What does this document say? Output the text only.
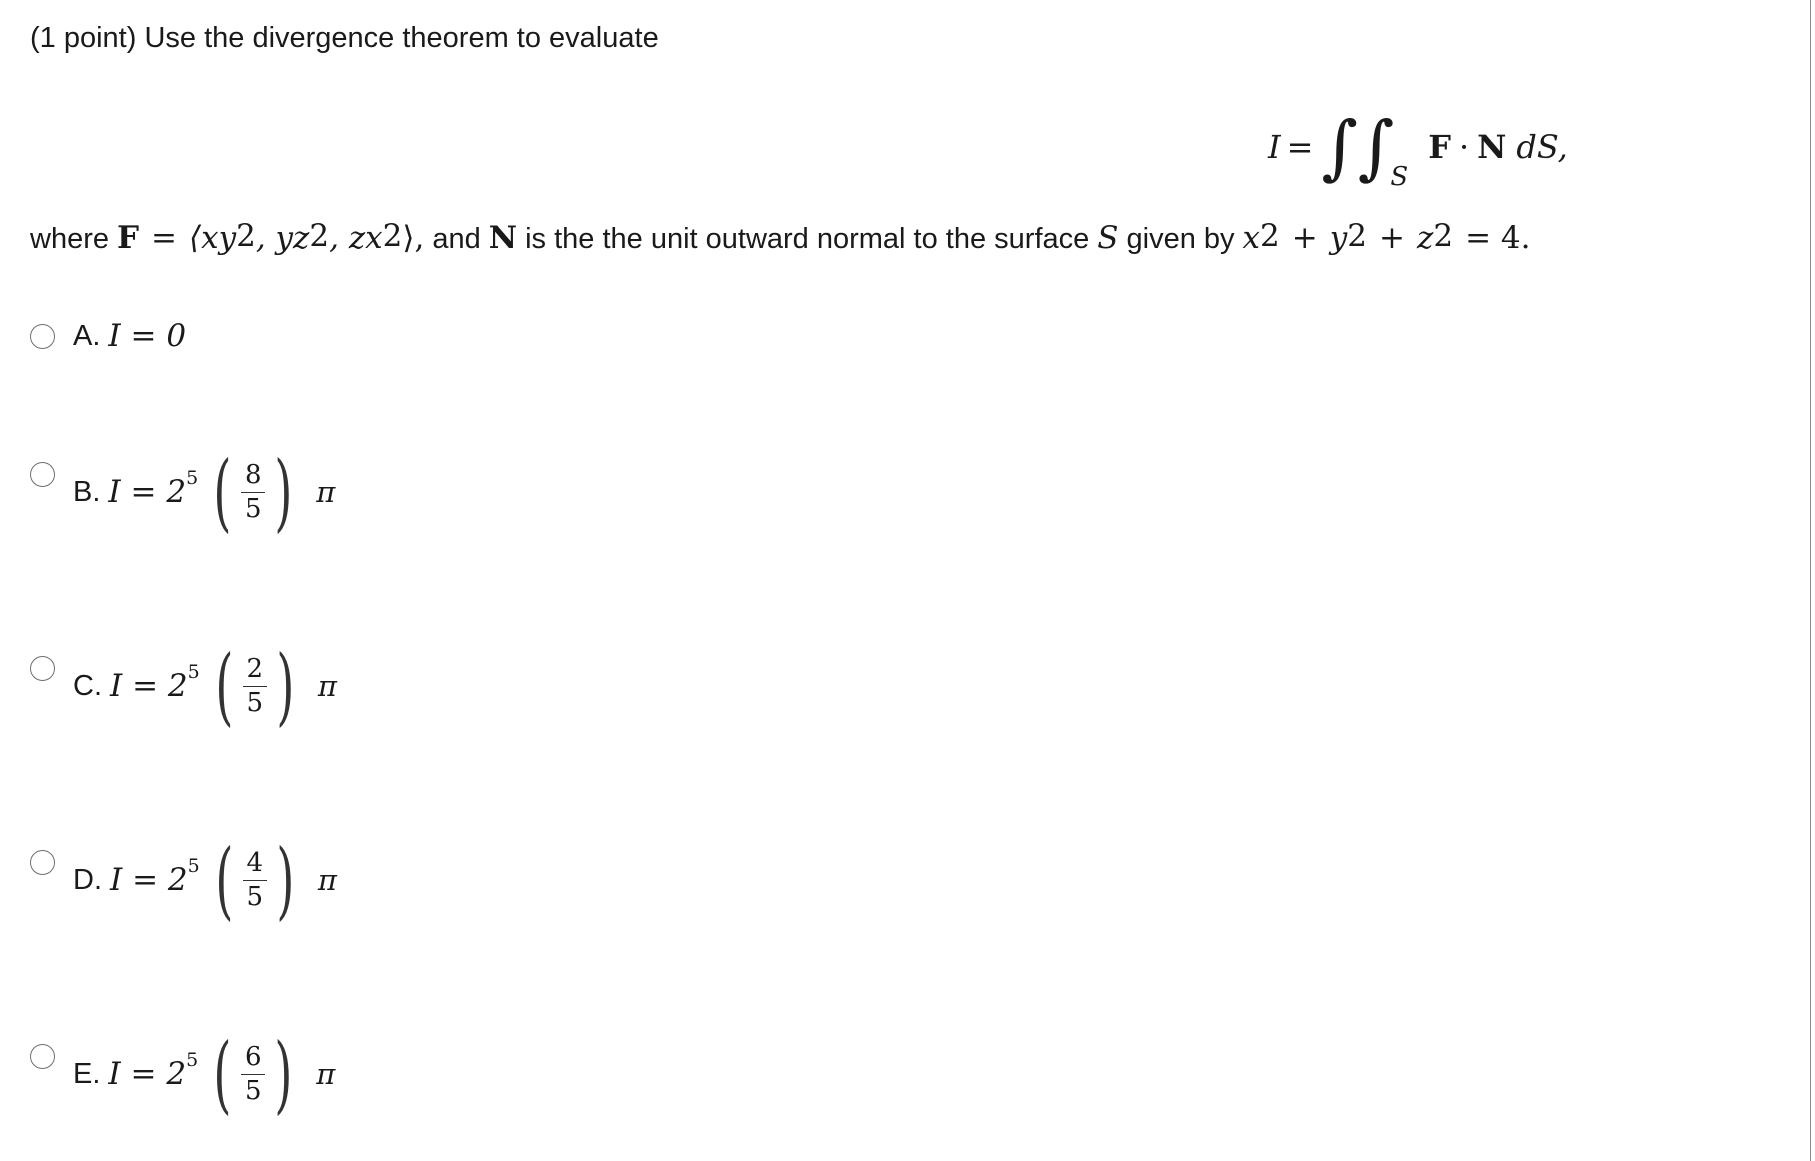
(1 point) Use the divergence theorem to evaluate
I = ∫∫
S
F · N dS,
where $F = ⟨xy^2$ , $yz^2$ , $zx^2$ ⟩, and N is the the unit outward normal to the surface S given by $x^2 + y^2 + z^2 = 4$.
A. I = 0
B. I = 2 5 ( $\frac{8}{5}$ ) π
C. I = 2 5 ( $\frac{2}{5}$ ) π
D. I = 2 5 ( $\frac{4}{5}$ ) π
E. I = 2 5 ( $\frac{6}{5}$ ) π
